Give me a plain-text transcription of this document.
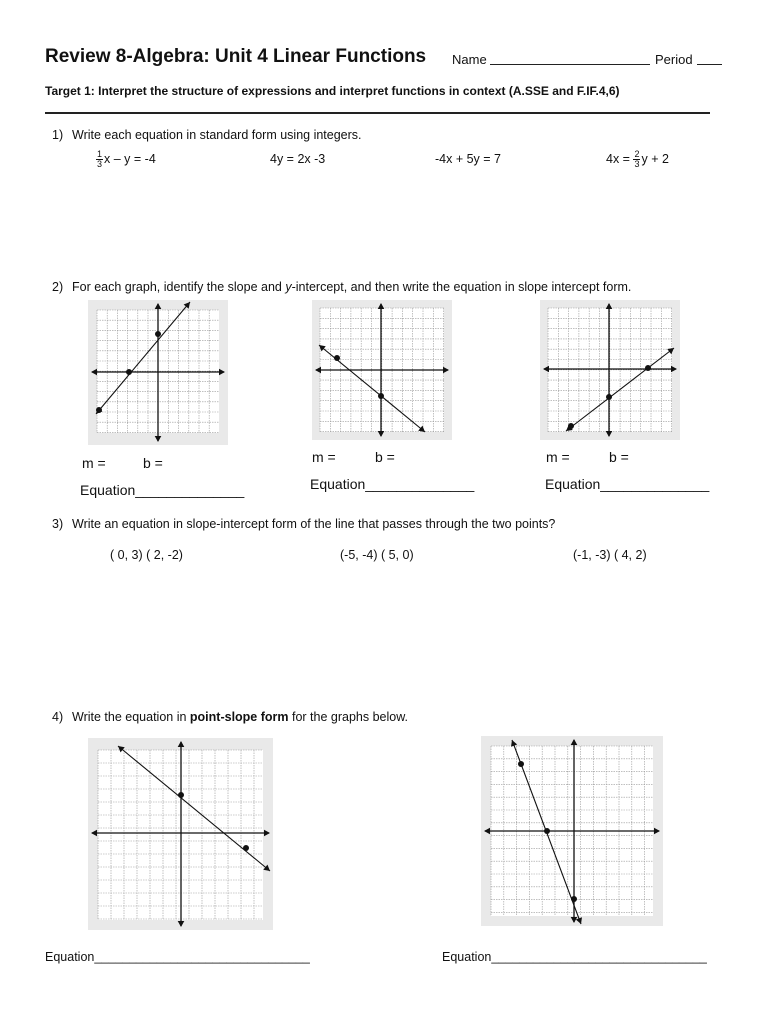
Review 8-Algebra: Unit 4 Linear Functions Name	Period
Target 1: Interpret the structure of expressions and interpret functions in context (A.SSE and F.IF.4,6)
1) Write each equation in standard form using integers.
$\frac{1}{3}$ x – y = -4	4y = 2x -3	-4x + 5y = 7	$4x = \frac{2}{3}$ y + 2
2) For each graph, identify the slope and y-intercept, and then write the equation in slope intercept form.
m =	b =
Equation______________
m =	b =
Equation______________
m =	b =
Equation______________
3) Write an equation in slope-intercept form of the line that passes through the two points?
( 0, 3) ( 2, -2)	(-5, -4) ( 5, 0)	(-1, -3) ( 4, 2)
4) Write the equation in point-slope form for the graphs below.
Equation_______________________________	Equation_______________________________
